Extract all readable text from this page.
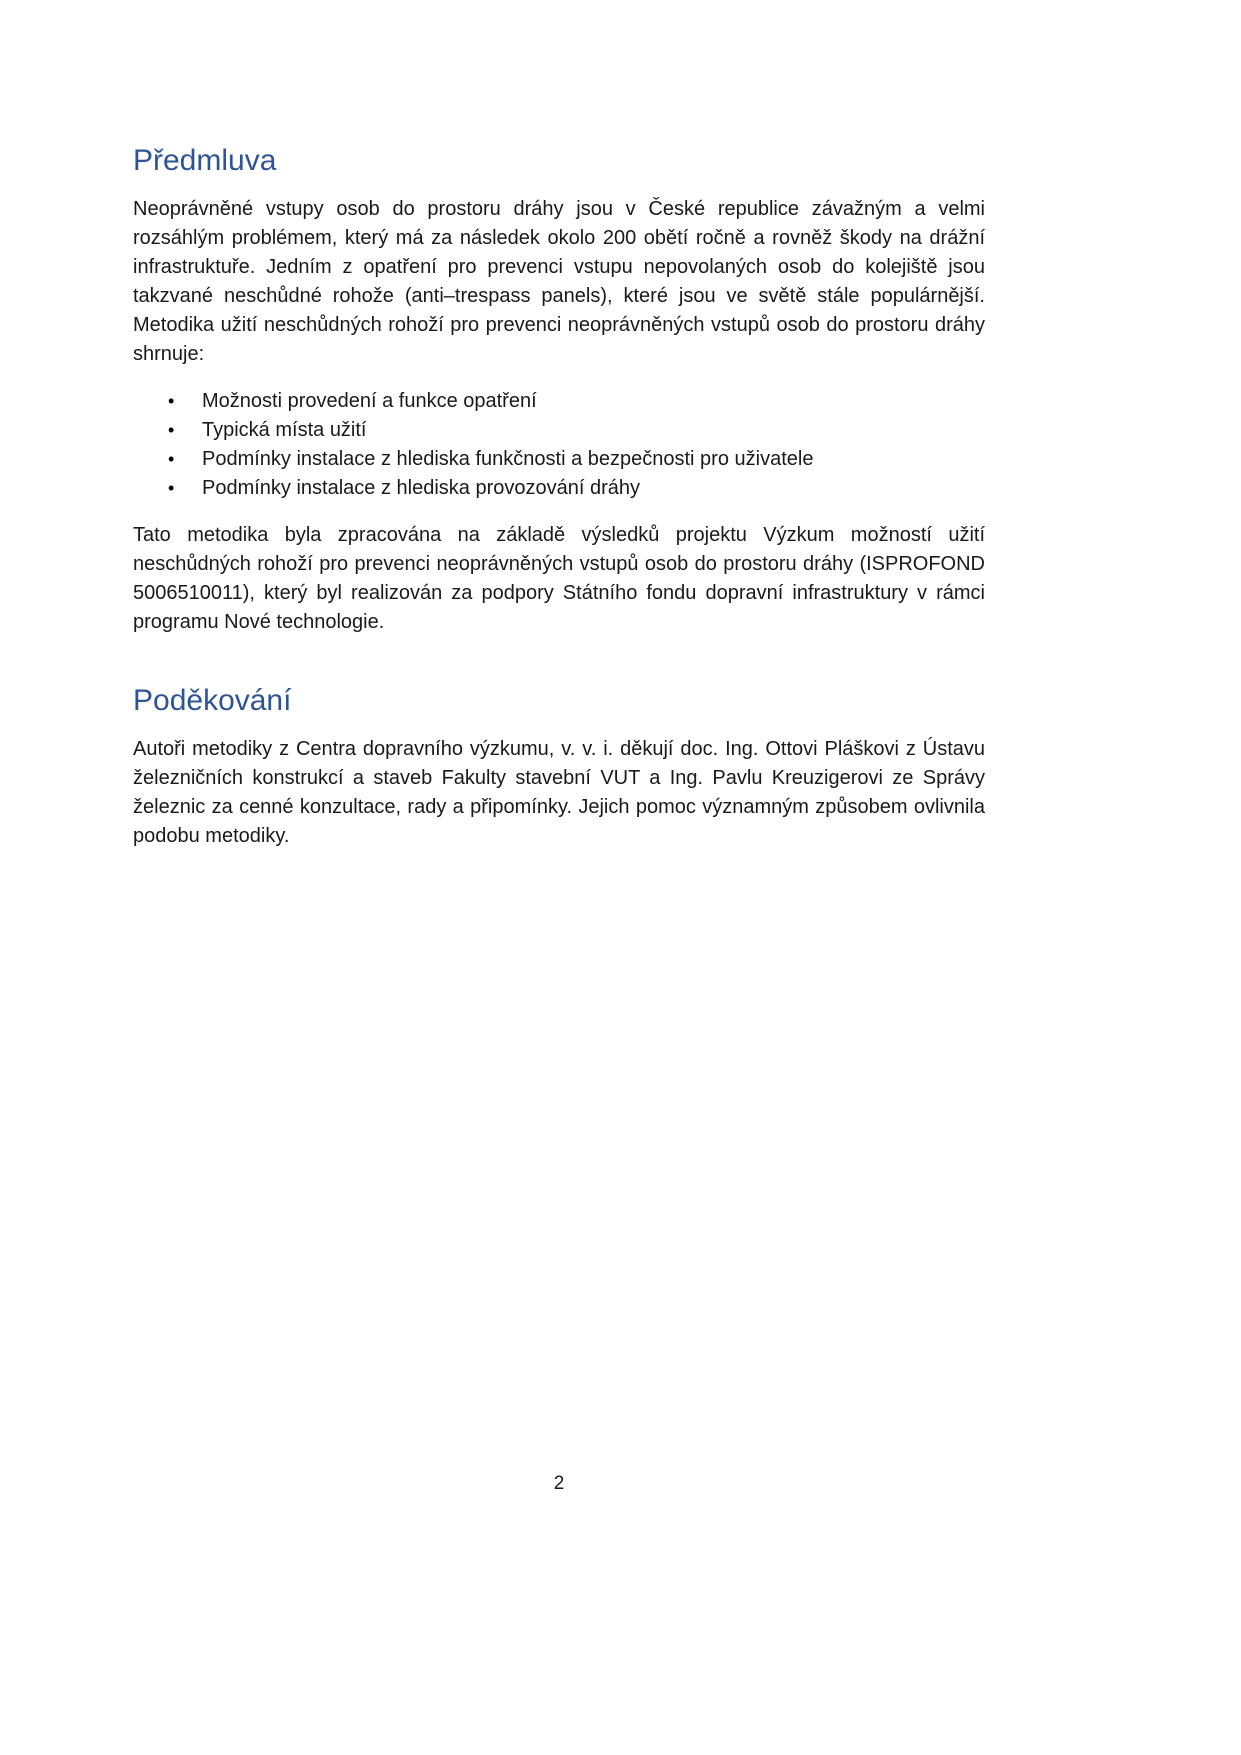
Předmluva

Neoprávněné vstupy osob do prostoru dráhy jsou v České republice závažným a velmi rozsáhlým problémem, který má za následek okolo 200 obětí ročně a rovněž škody na drážní infrastruktuře. Jedním z opatření pro prevenci vstupu nepovolaných osob do kolejiště jsou takzvané neschůdné rohože (anti–trespass panels), které jsou ve světě stále populárnější. Metodika užití neschůdných rohoží pro prevenci neoprávněných vstupů osob do prostoru dráhy shrnuje:

• Možnosti provedení a funkce opatření
• Typická místa užití
• Podmínky instalace z hlediska funkčnosti a bezpečnosti pro uživatele
• Podmínky instalace z hlediska provozování dráhy

Tato metodika byla zpracována na základě výsledků projektu Výzkum možností užití neschůdných rohoží pro prevenci neoprávněných vstupů osob do prostoru dráhy (ISPROFOND 5006510011), který byl realizován za podpory Státního fondu dopravní infrastruktury v rámci programu Nové technologie.

Poděkování

Autoři metodiky z Centra dopravního výzkumu, v. v. i. děkují doc. Ing. Ottovi Pláškovi z Ústavu železničních konstrukcí a staveb Fakulty stavební VUT a Ing. Pavlu Kreuzigerovi ze Správy železnic za cenné konzultace, rady a připomínky. Jejich pomoc významným způsobem ovlivnila podobu metodiky.

2
